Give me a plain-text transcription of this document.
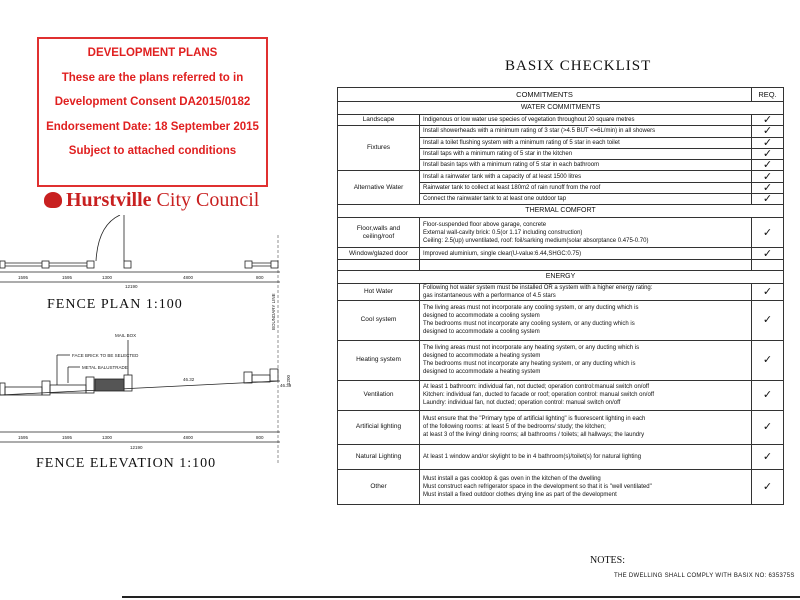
DEVELOPMENT PLANS
These are the plans referred to in
Development Consent DA2015/0182
Endorsement Date: 18 September 2015
Subject to attached conditions
Hurstville City Council
1595	1595	1300	4800	800
12190
1595	1595	1300	4800	800
12190
FACE BRICK TO BE SELECTED
METAL BALUSTRADE
MAIL BOX
BOUNDARY LINE
46.32
46.39
1200
FENCE PLAN 1:100
FENCE ELEVATION 1:100
BASIX CHECKLIST
COMMITMENTS		REQ.
WATER COMMITMENTS		
Landscape	Indigenous or low water use species of vegetation throughout 20 square metres	✓
Fixtures	Install showerheads with a minimum rating of 3 star (>4.5 BUT <=6L/min) in all showers	✓
	Install a toilet flushing system with a minimum rating of 5 star in each toilet	✓
	Install taps with a minimum rating of 5 star in the kitchen	✓
	Install basin taps with a minimum rating of 5 star in each bathroom	✓
Alternative Water	Install a rainwater tank with a capacity of at least 1500 litres	✓
	Rainwater tank to collect at least 180m2 of rain runoff from the roof	✓
	Connect the rainwater tank to at least one outdoor tap	✓
THERMAL COMFORT		
Floor,walls and ceiling/roof	Floor-suspended floor above garage, concrete
External wall-cavity brick: 0.5(or 1.17 including construction)
Ceiling: 2.5(up) unventilated, roof: foil/sarking medium(solar absorptance 0.475-0.70)	✓
Window/glazed door	Improved aluminium, single clear(U-value:6.44,SHGC:0.75)	✓

ENERGY		
Hot Water	Following hot water system must be installed OR a system with a higher energy rating:
gas instantaneous with a performance of 4.5 stars	✓
Cool system	The living areas must not incorporate any cooling system, or any ducting which is
designed to accommodate a cooling system
The bedrooms must not incorporate any cooling system, or any ducting which is
designed to accommodate a cooling system	✓
Heating system	The living areas must not incorporate any heating system, or any ducting which is
designed to accommodate a heating system
The bedrooms must not incorporate any heating system, or any ducting which is
designed to accommodate a heating system	✓
Ventilation	At least 1 bathroom: individual fan, not ducted; operation control:manual switch on/off
Kitchen: individual fan, ducted to facade or roof; operation control: manual switch on/off
Laundry: individual fan, not ducted; operation control: manual switch on/off	✓
Artificial lighting	Must ensure that the "Primary type of artificial lighting" is fluorescent lighting in each
of the following rooms: at least 5 of the bedrooms/ study; the kitchen;
at least 3 of the living/ dining rooms; all bathrooms / toilets; all hallways; the laundry	✓
Natural Lighting	At least 1 window and/or skylight to be in 4 bathroom(s)/toilet(s) for natural lighting	✓
Other	Must install a gas cooktop & gas oven in the kitchen of the dwelling
Must construct each refrigerator space in the development so that it is "well ventilated"
Must install a fixed outdoor clothes drying line as part of the development	✓
NOTES:
THE DWELLING SHALL COMPLY WITH BASIX NO: 635375S
